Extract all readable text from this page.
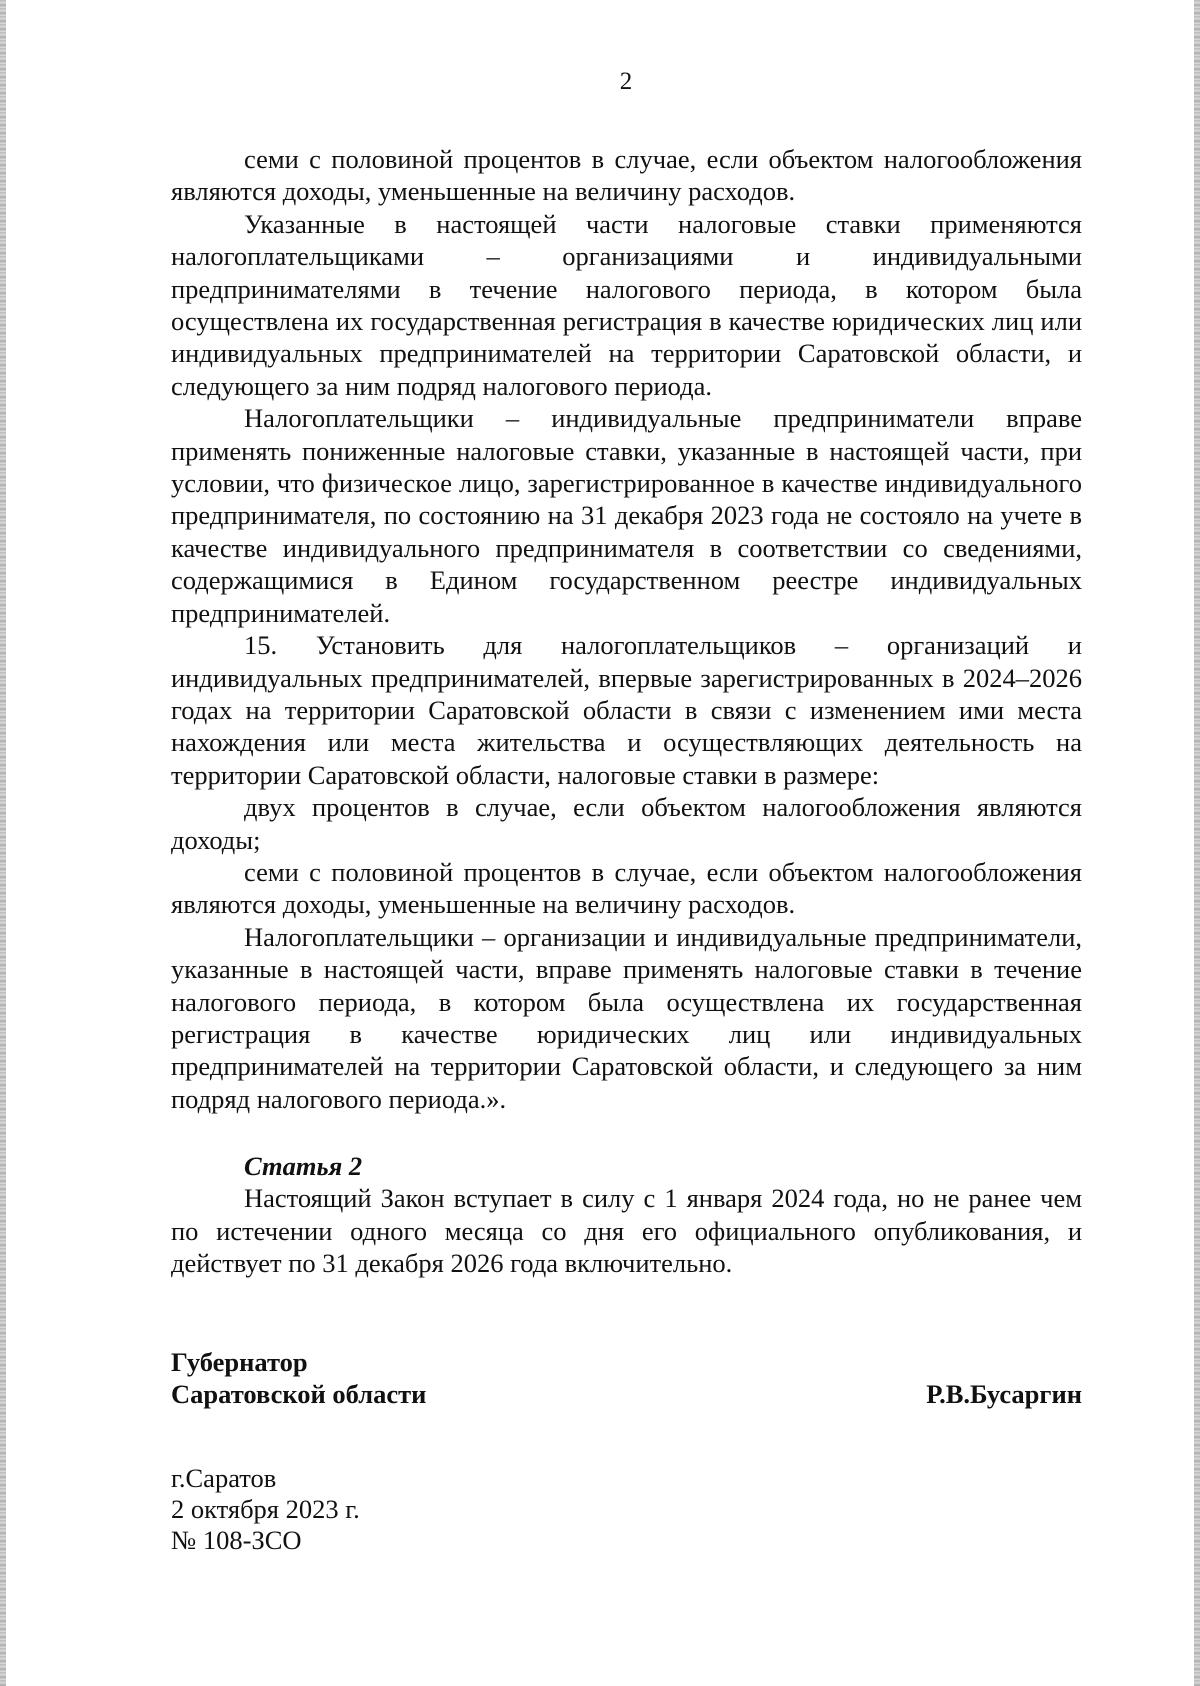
2

семи с половиной процентов в случае, если объектом налогообложения являются доходы, уменьшенные на величину расходов.

Указанные в настоящей части налоговые ставки применяются налогоплательщиками – организациями и индивидуальными предпринимателями в течение налогового периода, в котором была осуществлена их государственная регистрация в качестве юридических лиц или индивидуальных предпринимателей на территории Саратовской области, и следующего за ним подряд налогового периода.

Налогоплательщики – индивидуальные предприниматели вправе применять пониженные налоговые ставки, указанные в настоящей части, при условии, что физическое лицо, зарегистрированное в качестве индивидуального предпринимателя, по состоянию на 31 декабря 2023 года не состояло на учете в качестве индивидуального предпринимателя в соответствии со сведениями, содержащимися в Едином государственном реестре индивидуальных предпринимателей.

15. Установить для налогоплательщиков – организаций и индивидуальных предпринимателей, впервые зарегистрированных в 2024–2026 годах на территории Саратовской области в связи с изменением ими места нахождения или места жительства и осуществляющих деятельность на территории Саратовской области, налоговые ставки в размере:

двух процентов в случае, если объектом налогообложения являются доходы;

семи с половиной процентов в случае, если объектом налогообложения являются доходы, уменьшенные на величину расходов.

Налогоплательщики – организации и индивидуальные предприниматели, указанные в настоящей части, вправе применять налоговые ставки в течение налогового периода, в котором была осуществлена их государственная регистрация в качестве юридических лиц или индивидуальных предпринимателей на территории Саратовской области, и следующего за ним подряд налогового периода.».

Статья 2

Настоящий Закон вступает в силу с 1 января 2024 года, но не ранее чем по истечении одного месяца со дня его официального опубликования, и действует по 31 декабря 2026 года включительно.

Губернатор
Саратовской области	Р.В.Бусаргин
г.Саратов
2 октября 2023 г.
№ 108-ЗСО
